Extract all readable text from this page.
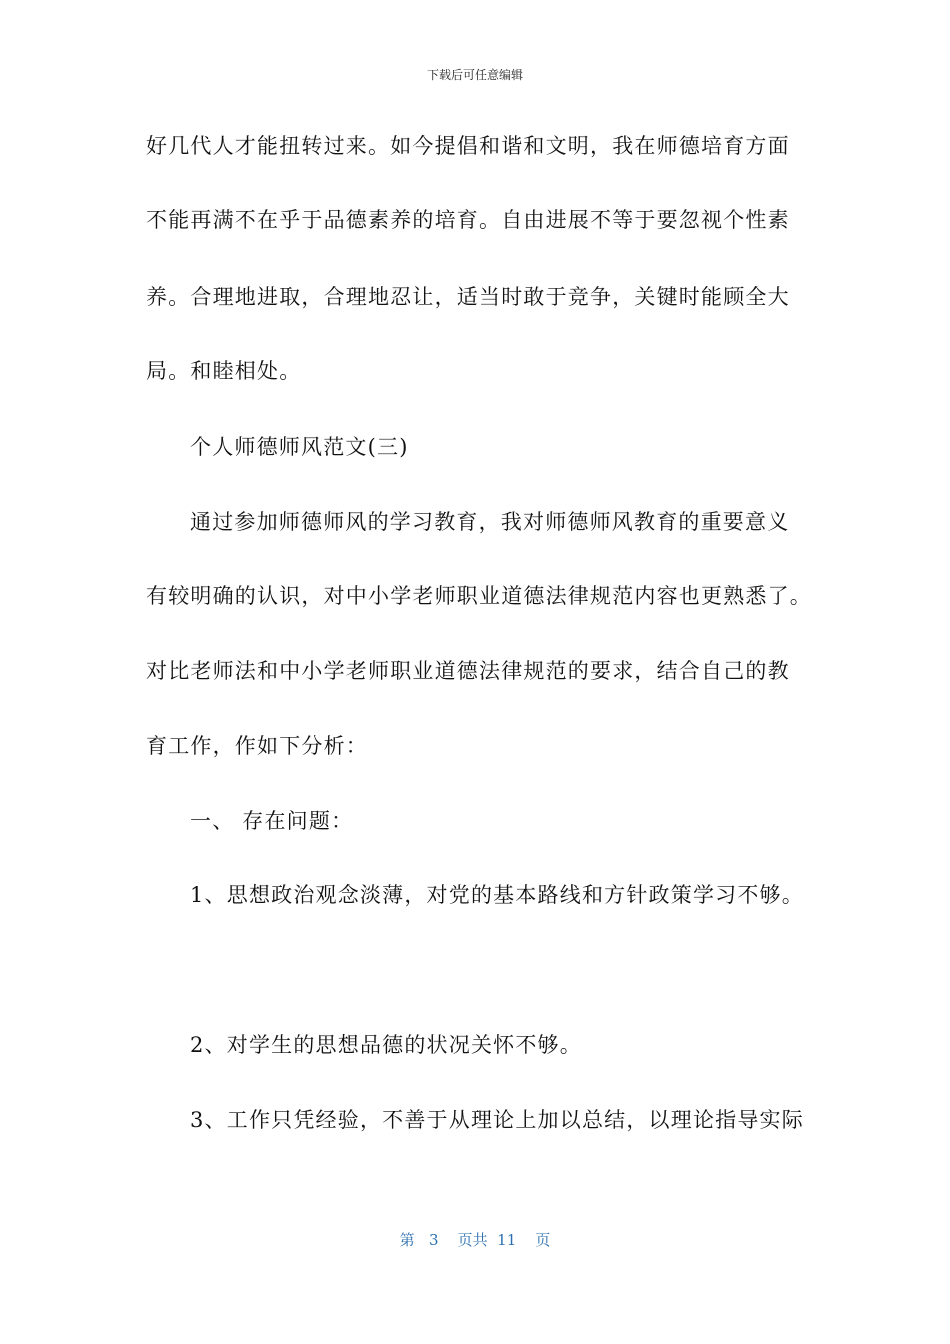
下载后可任意编辑
好几代人才能扭转过来。如今提倡和谐和文明，我在师德培育方面
不能再满不在乎于品德素养的培育。自由进展不等于要忽视个性素
养。合理地进取，合理地忍让，适当时敢于竞争，关键时能顾全大
局。和睦相处。
个人师德师风范文(三)
通过参加师德师风的学习教育，我对师德师风教育的重要意义
有较明确的认识，对中小学老师职业道德法律规范内容也更熟悉了。
对比老师法和中小学老师职业道德法律规范的要求，结合自己的教
育工作，作如下分析：
一、 存在问题：
1、思想政治观念淡薄，对党的基本路线和方针政策学习不够。
2、对学生的思想品德的状况关怀不够。
3、工作只凭经验，不善于从理论上加以总结，以理论指导实际
第 3 页共 11 页
